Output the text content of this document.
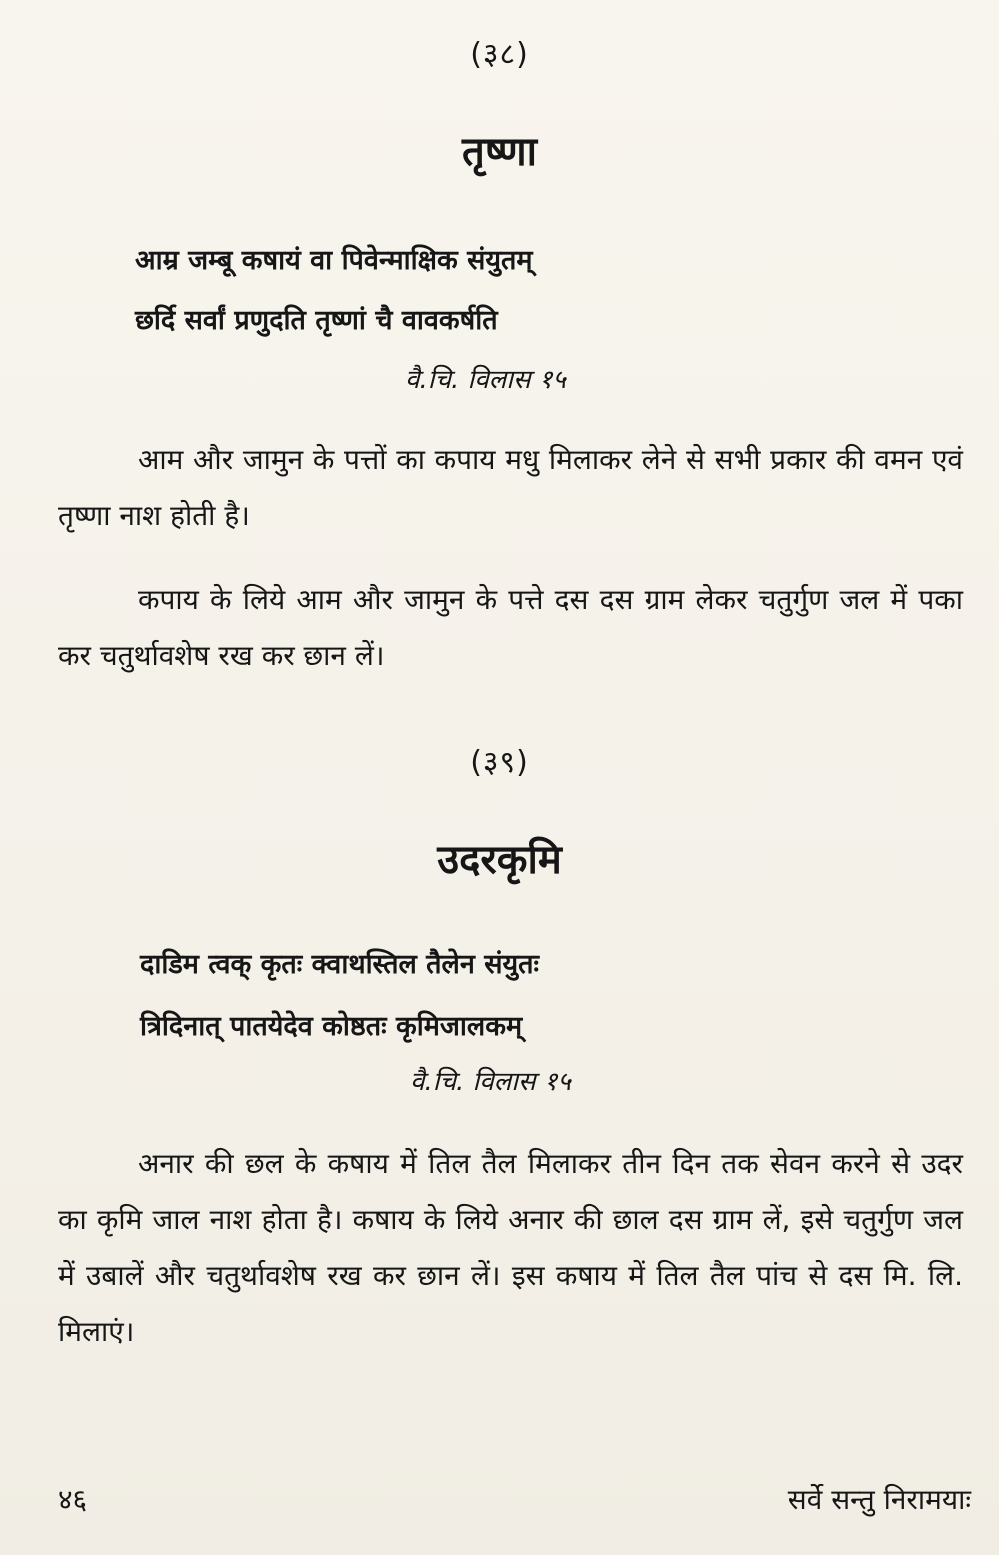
(३८)
तृष्णा
आम्र जम्बू कषायं वा पिवेन्माक्षिक संयुतम्
छर्दि सर्वां प्रणुदति तृष्णां चै वावकर्षति
वै.चि. विलास १५

आम और जामुन के पत्तों का कपाय मधु मिलाकर लेने से सभी प्रकार की वमन एवं तृष्णा नाश होती है।

कपाय के लिये आम और जामुन के पत्ते दस दस ग्राम लेकर चतुर्गुण जल में पका कर चतुर्थावशेष रख कर छान लें।

(३९)
उदरकृमि
दाडिम त्वक् कृतः क्वाथस्तिल तैलेन संयुतः
त्रिदिनात् पातयेदेव कोष्ठतः कृमिजालकम्
वै.चि. विलास १५

अनार की छल के कषाय में तिल तैल मिलाकर तीन दिन तक सेवन करने से उदर का कृमि जाल नाश होता है। कषाय के लिये अनार की छाल दस ग्राम लें, इसे चतुर्गुण जल में उबालें और चतुर्थावशेष रख कर छान लें। इस कषाय में तिल तैल पांच से दस मि. लि. मिलाएं।

४६	सर्वे सन्तु निरामयाः
